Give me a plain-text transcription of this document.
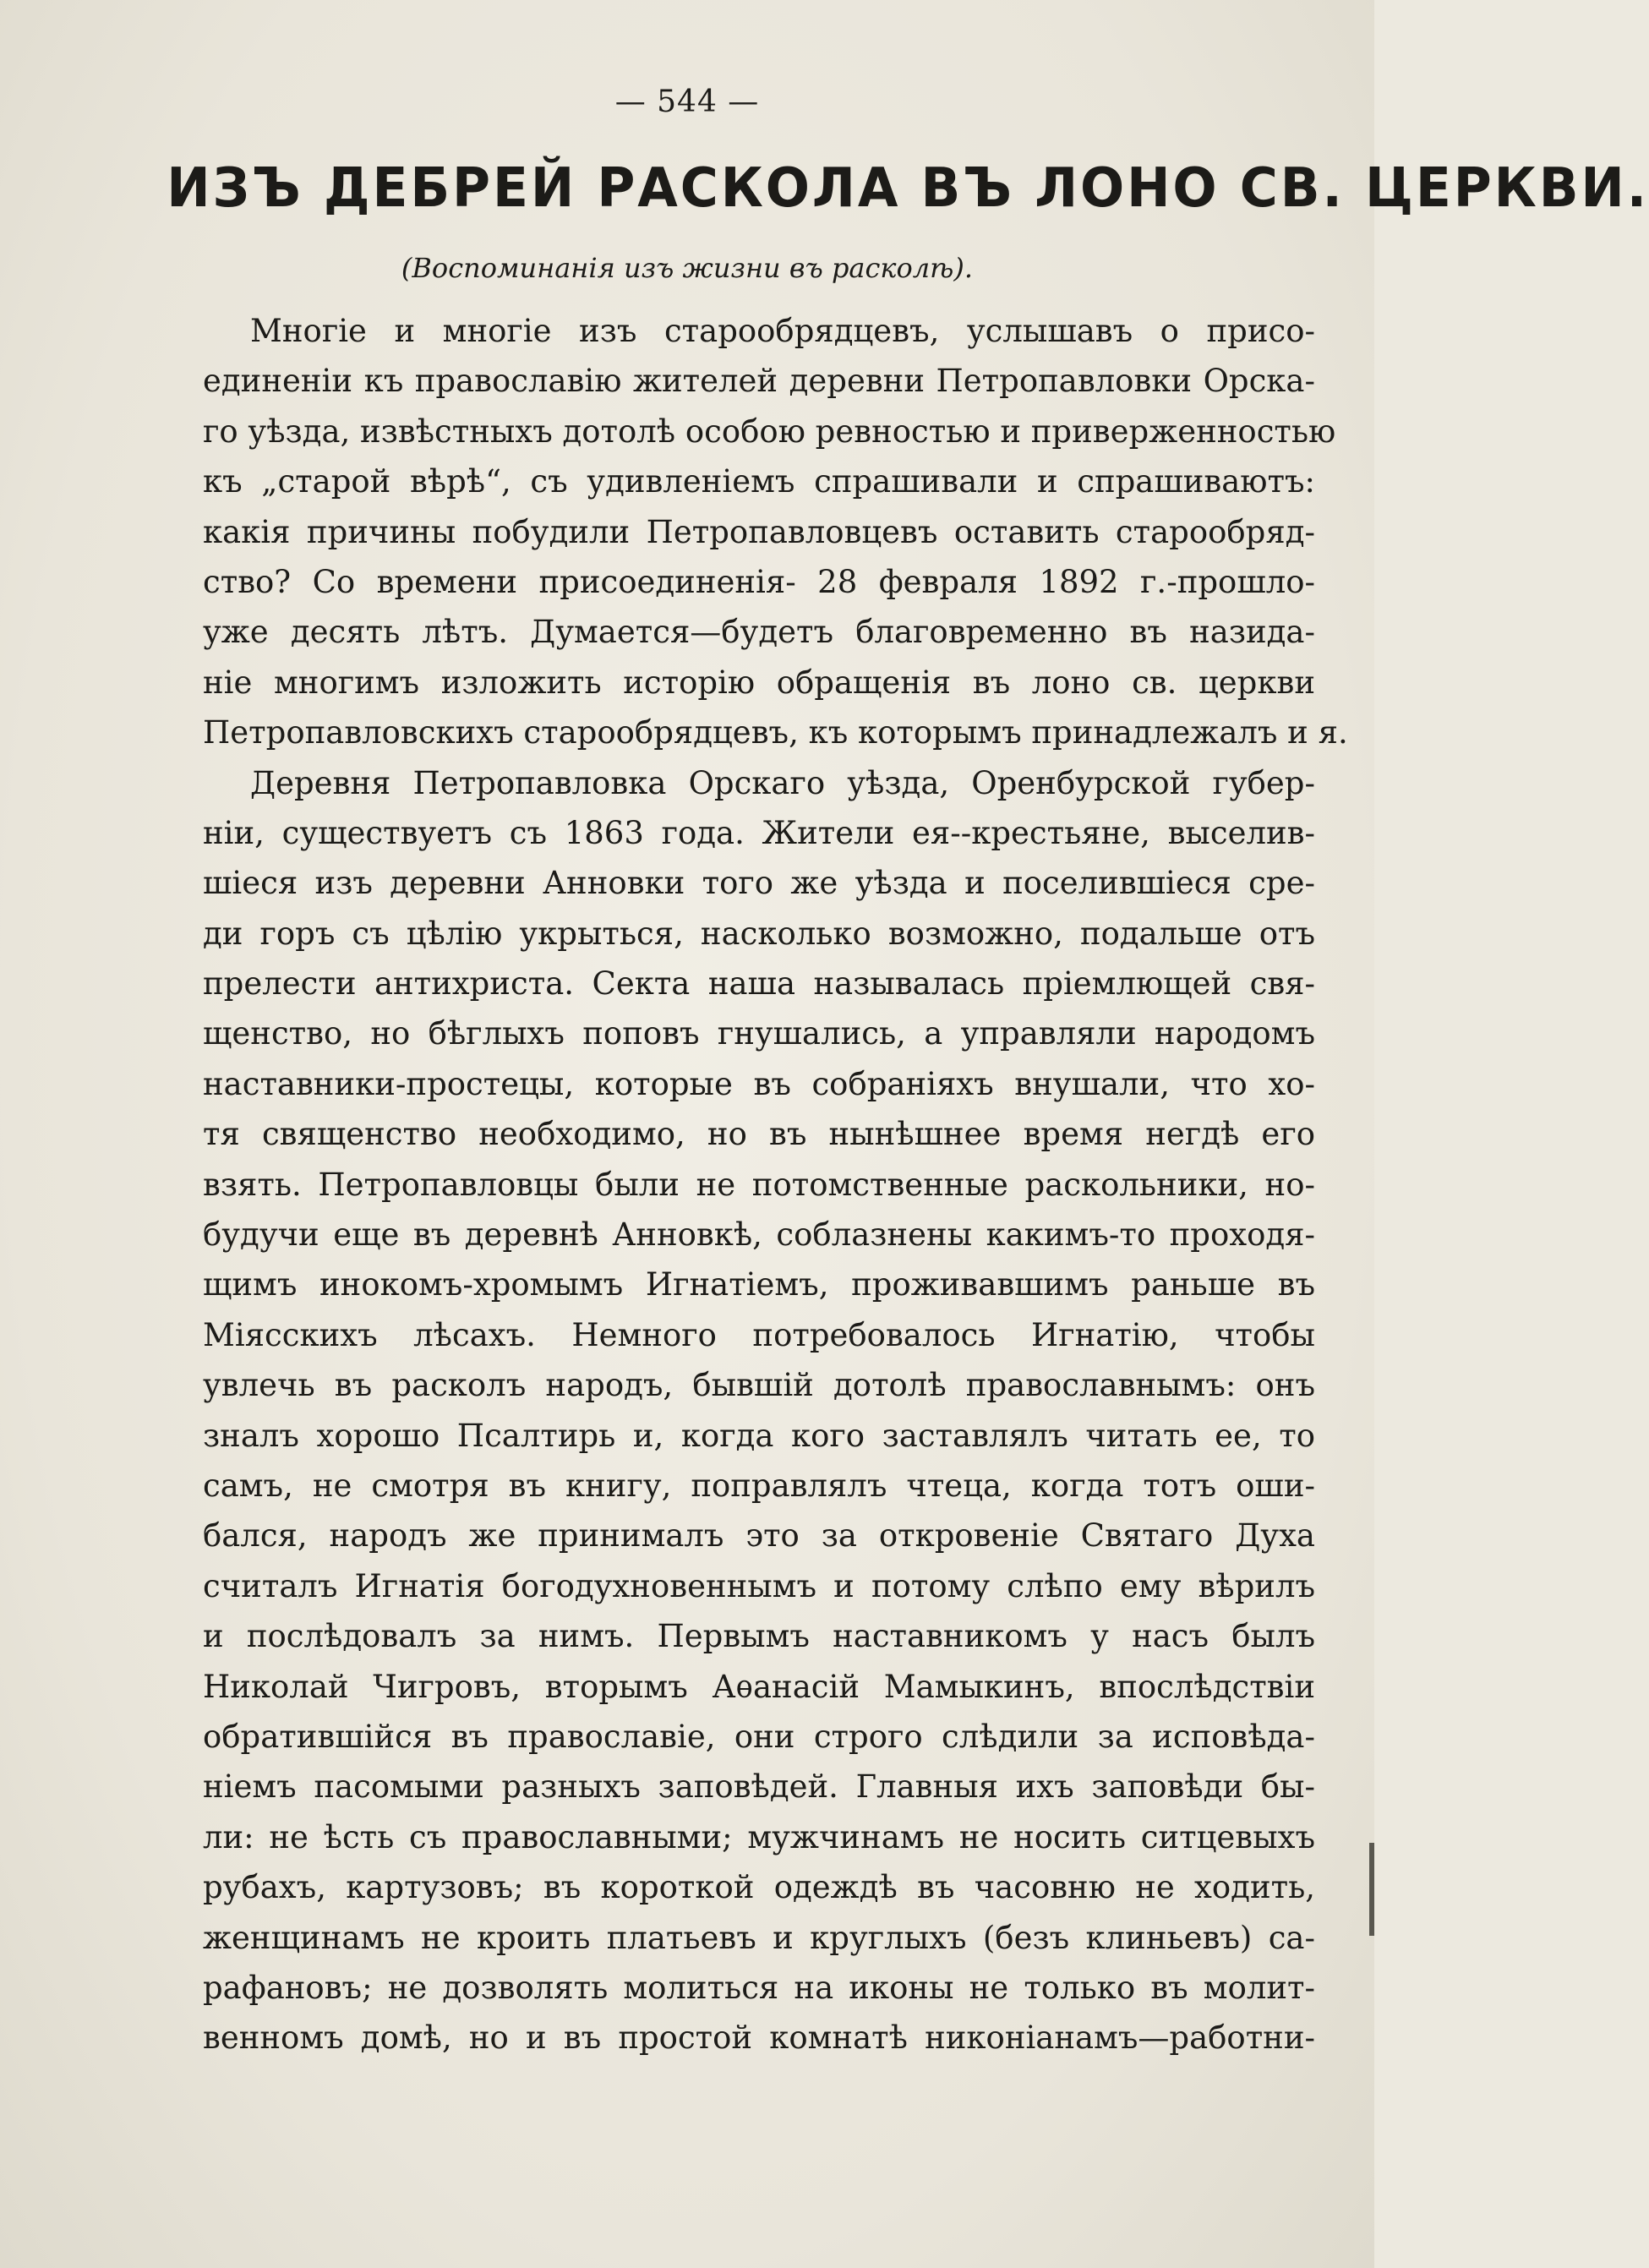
— 544 —
ИЗЪ ДЕБРЕЙ РАСКОЛА ВЪ ЛОНО СВ. ЦЕРКВИ.
(Воспоминанія изъ жизни въ расколѣ).
Многіе и многіе изъ старообрядцевъ, услышавъ о присо-
единеніи къ православію жителей деревни Петропавловки Орска-
го уѣзда, извѣстныхъ дотолѣ особою ревностью и приверженностью
къ „старой вѣрѣ“, съ удивленіемъ спрашивали и спрашиваютъ:
какія причины побудили Петропавловцевъ оставить старообряд-
ство? Со времени присоединенія- 28 февраля 1892 г.-прошло-
уже десять лѣтъ. Думается—будетъ благовременно въ назида-
ніе многимъ изложить исторію обращенія въ лоно св. церкви
Петропавловскихъ старообрядцевъ, къ которымъ принадлежалъ и я.
Деревня Петропавловка Орскаго уѣзда, Оренбурской губер-
ніи, существуетъ съ 1863 года. Жители ея--крестьяне, выселив-
шіеся изъ деревни Анновки того же уѣзда и поселившіеся сре-
ди горъ съ цѣлію укрыться, насколько возможно, подальше отъ
прелести антихриста. Секта наша называлась пріемлющей свя-
щенство, но бѣглыхъ поповъ гнушались, а управляли народомъ
наставники-простецы, которые въ собраніяхъ внушали, что хо-
тя священство необходимо, но въ нынѣшнее время негдѣ его
взять. Петропавловцы были не потомственные раскольники, но-
будучи еще въ деревнѣ Анновкѣ, соблазнены какимъ-то проходя-
щимъ инокомъ-хромымъ Игнатіемъ, проживавшимъ раньше въ
Міясскихъ лѣсахъ. Немного потребовалось Игнатію, чтобы
увлечь въ расколъ народъ, бывшій дотолѣ православнымъ: онъ
зналъ хорошо Псалтирь и, когда кого заставлялъ читать ее, то
самъ, не смотря въ книгу, поправлялъ чтеца, когда тотъ оши-
бался, народъ же принималъ это за откровеніе Святаго Духа
считалъ Игнатія богодухновеннымъ и потому слѣпо ему вѣрилъ
и послѣдовалъ за нимъ. Первымъ наставникомъ у насъ былъ
Николай Чигровъ, вторымъ Аѳанасій Мамыкинъ, впослѣдствіи
обратившійся въ православіе, они строго слѣдили за исповѣда-
ніемъ пасомыми разныхъ заповѣдей. Главныя ихъ заповѣди бы-
ли: не ѣсть съ православными; мужчинамъ не носить ситцевыхъ
рубахъ, картузовъ; въ короткой одеждѣ въ часовню не ходить,
женщинамъ не кроить платьевъ и круглыхъ (безъ клиньевъ) са-
рафановъ; не дозволять молиться на иконы не только въ молит-
венномъ домѣ, но и въ простой комнатѣ никоніанамъ—работни-
